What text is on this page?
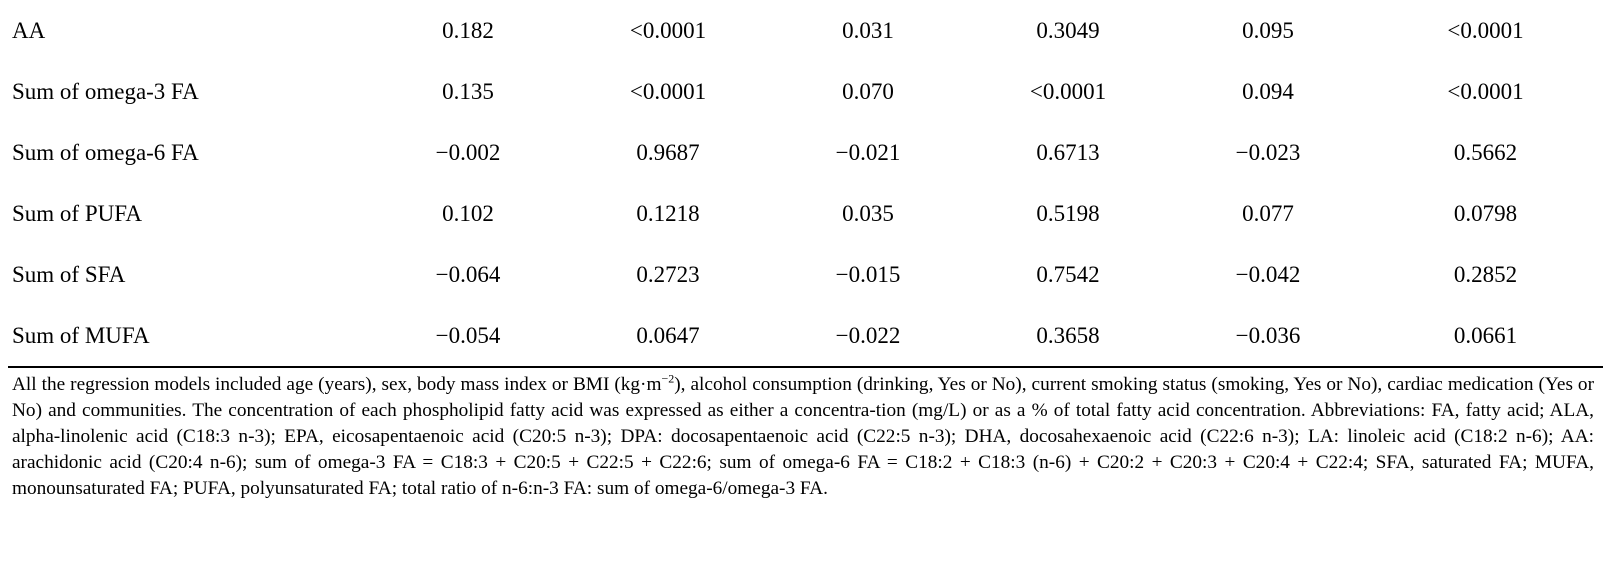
AA	0.182	<0.0001	0.031	0.3049	0.095	<0.0001
Sum of omega-3 FA	0.135	<0.0001	0.070	<0.0001	0.094	<0.0001
Sum of omega-6 FA	−0.002	0.9687	−0.021	0.6713	−0.023	0.5662
Sum of PUFA	0.102	0.1218	0.035	0.5198	0.077	0.0798
Sum of SFA	−0.064	0.2723	−0.015	0.7542	−0.042	0.2852
Sum of MUFA	−0.054	0.0647	−0.022	0.3658	−0.036	0.0661
All the regression models included age (years), sex, body mass index or BMI $(kg\cdot m^{-2})$, alcohol consumption (drinking, Yes or No), current smoking status (smoking, Yes or No), cardiac medication (Yes or No) and communities. The concentration of each phospholipid fatty acid was expressed as either a concentra-tion (mg/L) or as a % of total fatty acid concentration. Abbreviations: FA, fatty acid; ALA, alpha-linolenic acid (C18:3 n-3); EPA, eicosapentaenoic acid (C20:5 n-3); DPA: docosapentaenoic acid (C22:5 n-3); DHA, docosahexaenoic acid (C22:6 n-3); LA: linoleic acid (C18:2 n-6); AA: arachidonic acid (C20:4 n-6); sum of omega-3 FA = C18:3 + C20:5 + C22:5 + C22:6; sum of omega-6 FA = C18:2 + C18:3 (n-6) + C20:2 + C20:3 + C20:4 + C22:4; SFA, saturated FA; MUFA, monounsaturated FA; PUFA, polyunsaturated FA; total ratio of n-6:n-3 FA: sum of omega-6/omega-3 FA.
